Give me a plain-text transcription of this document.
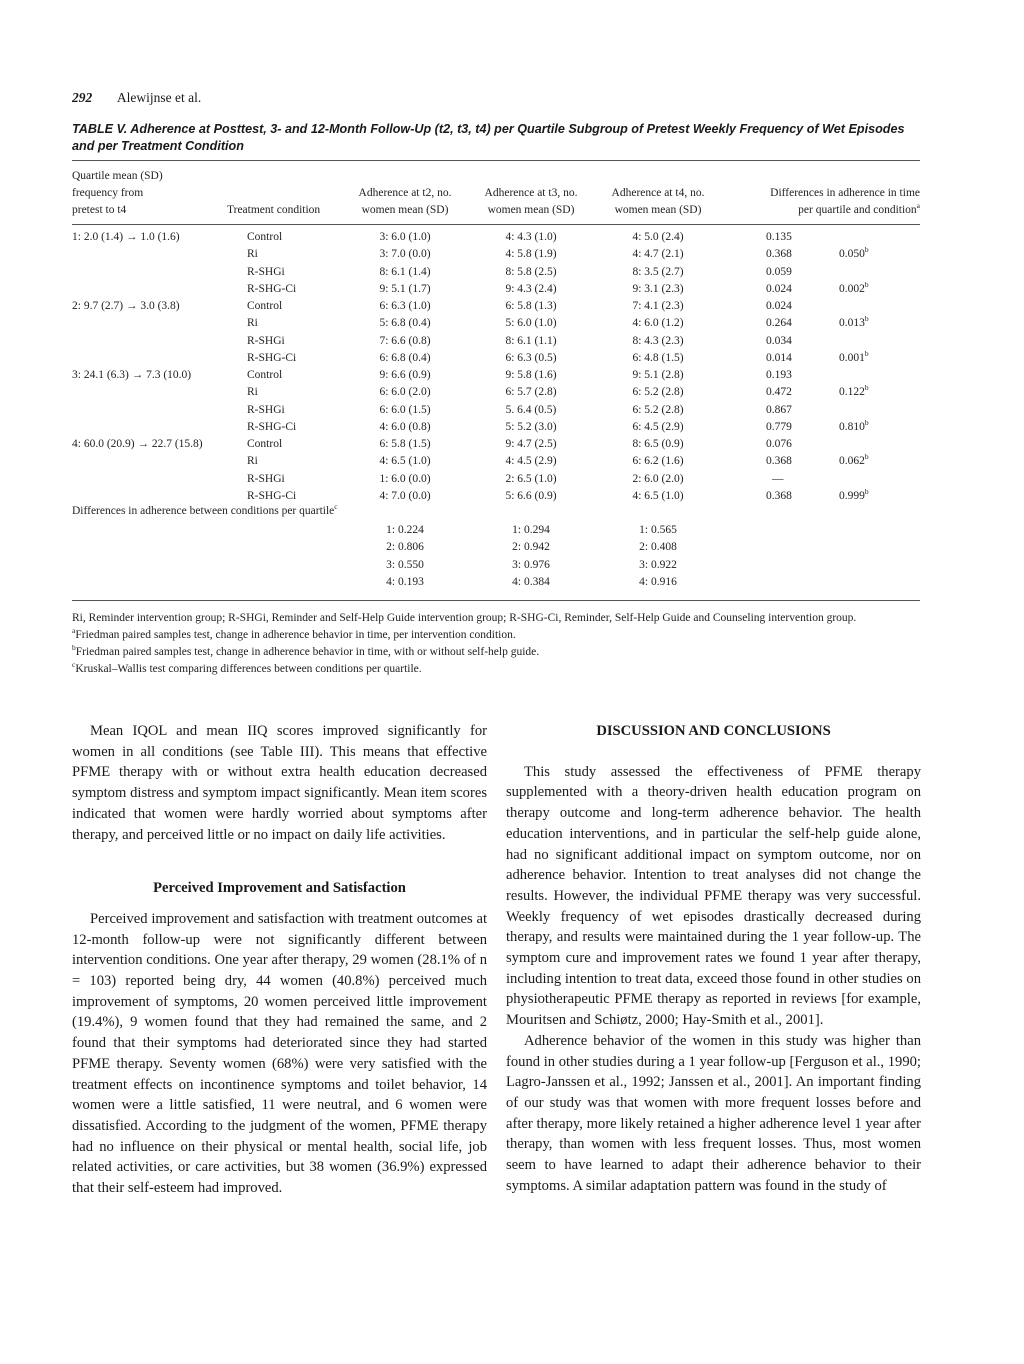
292 Alewijnse et al.
TABLE V. Adherence at Posttest, 3- and 12-Month Follow-Up (t2, t3, t4) per Quartile Subgroup of Pretest Weekly Frequency of Wet Episodes and per Treatment Condition
Quartile mean (SD)
frequency from
pretest to t4	Treatment condition
Adherence at t2, no.
women mean (SD)
Adherence at t3, no.
women mean (SD)
Adherence at t4, no.
women mean (SD)
Differences in adherence in time
per quartile and condition$^a$
1: 2.0 (1.4) → 1.0 (1.6)	Control	3: 6.0 (1.0)	4: 4.3 (1.0)	4: 5.0 (2.4)	0.135
Ri	3: 7.0 (0.0)	4: 5.8 (1.9)	4: 4.7 (2.1)	0.368	0.050$^b$
R-SHGi	8: 6.1 (1.4)	8: 5.8 (2.5)	8: 3.5 (2.7)	0.059
R-SHG-Ci	9: 5.1 (1.7)	9: 4.3 (2.4)	9: 3.1 (2.3)	0.024	0.002$^b$
2: 9.7 (2.7) → 3.0 (3.8)	Control	6: 6.3 (1.0)	6: 5.8 (1.3)	7: 4.1 (2.3)	0.024
Ri	5: 6.8 (0.4)	5: 6.0 (1.0)	4: 6.0 (1.2)	0.264	0.013$^b$
R-SHGi	7: 6.6 (0.8)	8: 6.1 (1.1)	8: 4.3 (2.3)	0.034
R-SHG-Ci	6: 6.8 (0.4)	6: 6.3 (0.5)	6: 4.8 (1.5)	0.014	0.001$^b$
3: 24.1 (6.3) → 7.3 (10.0)	Control	9: 6.6 (0.9)	9: 5.8 (1.6)	9: 5.1 (2.8)	0.193
Ri	6: 6.0 (2.0)	6: 5.7 (2.8)	6: 5.2 (2.8)	0.472	0.122$^b$
R-SHGi	6: 6.0 (1.5)	5. 6.4 (0.5)	6: 5.2 (2.8)	0.867
R-SHG-Ci	4: 6.0 (0.8)	5: 5.2 (3.0)	6: 4.5 (2.9)	0.779	0.810$^b$
4: 60.0 (20.9) → 22.7 (15.8)	Control	6: 5.8 (1.5)	9: 4.7 (2.5)	8: 6.5 (0.9)	0.076
Ri	4: 6.5 (1.0)	4: 4.5 (2.9)	6: 6.2 (1.6)	0.368	0.062$^b$
R-SHGi	1: 6.0 (0.0)	2: 6.5 (1.0)	2: 6.0 (2.0)	—
R-SHG-Ci	4: 7.0 (0.0)	5: 6.6 (0.9)	4: 6.5 (1.0)	0.368	0.999$^b$
Differences in adherence between conditions per quartile$^c$
1: 0.224	1: 0.294	1: 0.565
2: 0.806	2: 0.942	2: 0.408
3: 0.550	3: 0.976	3: 0.922
4: 0.193	4: 0.384	4: 0.916

Ri, Reminder intervention group; R-SHGi, Reminder and Self-Help Guide intervention group; R-SHG-Ci, Reminder, Self-Help Guide and Counseling intervention group.

$^a$Friedman paired samples test, change in adherence behavior in time, per intervention condition.

$^b$Friedman paired samples test, change in adherence behavior in time, with or without self-help guide.

$^c$Kruskal–Wallis test comparing differences between conditions per quartile.

Mean IQOL and mean IIQ scores improved significantly for women in all conditions (see Table III). This means that effective PFME therapy with or without extra health education decreased symptom distress and symptom impact significantly. Mean item scores indicated that women were hardly worried about symptoms after therapy, and perceived little or no impact on daily life activities.

Perceived Improvement and Satisfaction

Perceived improvement and satisfaction with treatment outcomes at 12-month follow-up were not significantly different between intervention conditions. One year after therapy, 29 women (28.1% of n = 103) reported being dry, 44 women (40.8%) perceived much improvement of symptoms, 20 women perceived little improvement (19.4%), 9 women found that they had remained the same, and 2 found that their symptoms had deteriorated since they had started PFME therapy. Seventy women (68%) were very satisfied with the treatment effects on incontinence symptoms and toilet behavior, 14 women were a little satisfied, 11 were neutral, and 6 women were dissatisfied. According to the judgment of the women, PFME therapy had no influence on their physical or mental health, social life, job related activities, or care activities, but 38 women (36.9%) expressed that their self-esteem had improved.

DISCUSSION AND CONCLUSIONS

This study assessed the effectiveness of PFME therapy supplemented with a theory-driven health education program on therapy outcome and long-term adherence behavior. The health education interventions, and in particular the self-help guide alone, had no significant additional impact on symptom outcome, nor on adherence behavior. Intention to treat analyses did not change the results. However, the individual PFME therapy was very successful. Weekly frequency of wet episodes drastically decreased during therapy, and results were maintained during the 1 year follow-up. The symptom cure and improvement rates we found 1 year after therapy, including intention to treat data, exceed those found in other studies on physiotherapeutic PFME therapy as reported in reviews [for example, Mouritsen and Schiøtz, 2000; Hay-Smith et al., 2001].

Adherence behavior of the women in this study was higher than found in other studies during a 1 year follow-up [Ferguson et al., 1990; Lagro-Janssen et al., 1992; Janssen et al., 2001]. An important finding of our study was that women with more frequent losses before and after therapy, more likely retained a higher adherence level 1 year after therapy, than women with less frequent losses. Thus, most women seem to have learned to adapt their adherence behavior to their symptoms. A similar adaptation pattern was found in the study of
